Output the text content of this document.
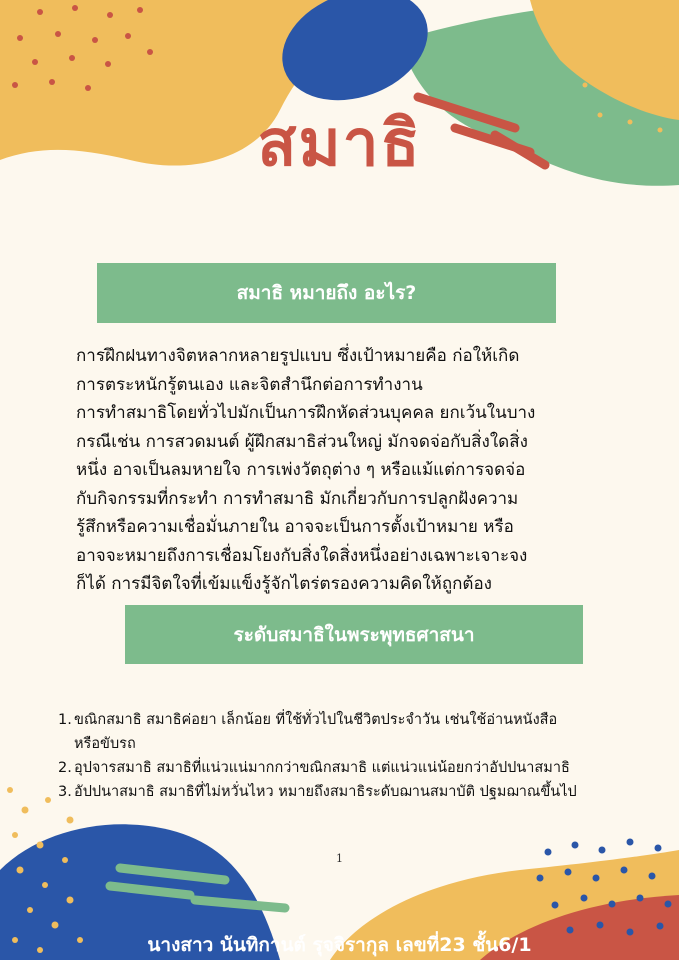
สมาธิ
สมาธิ หมายถึง อะไร?
การฝึกฝนทางจิตหลากหลายรูปแบบ ซึ่งเป้าหมายคือ ก่อให้เกิด
การตระหนักรู้ตนเอง และจิตสำนึกต่อการทำงาน
การทำสมาธิโดยทั่วไปมักเป็นการฝึกหัดส่วนบุคคล ยกเว้นในบาง
กรณีเช่น การสวดมนต์ ผู้ฝึกสมาธิส่วนใหญ่ มักจดจ่อกับสิ่งใดสิ่ง
หนึ่ง อาจเป็นลมหายใจ การเพ่งวัตถุต่าง ๆ หรือแม้แต่การจดจ่อ
กับกิจกรรมที่กระทำ การทำสมาธิ มักเกี่ยวกับการปลูกฝังความ
รู้สึกหรือความเชื่อมั่นภายใน อาจจะเป็นการตั้งเป้าหมาย หรือ
อาจจะหมายถึงการเชื่อมโยงกับสิ่งใดสิ่งหนึ่งอย่างเฉพาะเจาะจง
ก็ได้ การมีจิตใจที่เข้มแข็งรู้จักไตร่ตรองความคิดให้ถูกต้อง
ระดับสมาธิในพระพุทธศาสนา
1. ขณิกสมาธิ สมาธิค่อยา เล็กน้อย ที่ใช้ทั่วไปในชีวิตประจำวัน เช่นใช้อ่านหนังสือ
หรือขับรถ
2. อุปจารสมาธิ สมาธิที่แน่วแน่มากกว่าขณิกสมาธิ แต่แน่วแน่น้อยกว่าอัปปนาสมาธิ
3. อัปปนาสมาธิ สมาธิที่ไม่หวั่นไหว หมายถึงสมาธิระดับฌานสมาบัติ ปฐมฌาณขึ้นไป
1
นางสาว นันทิกานต์ รุจจิรากุล เลขที่23 ชั้น6/1
